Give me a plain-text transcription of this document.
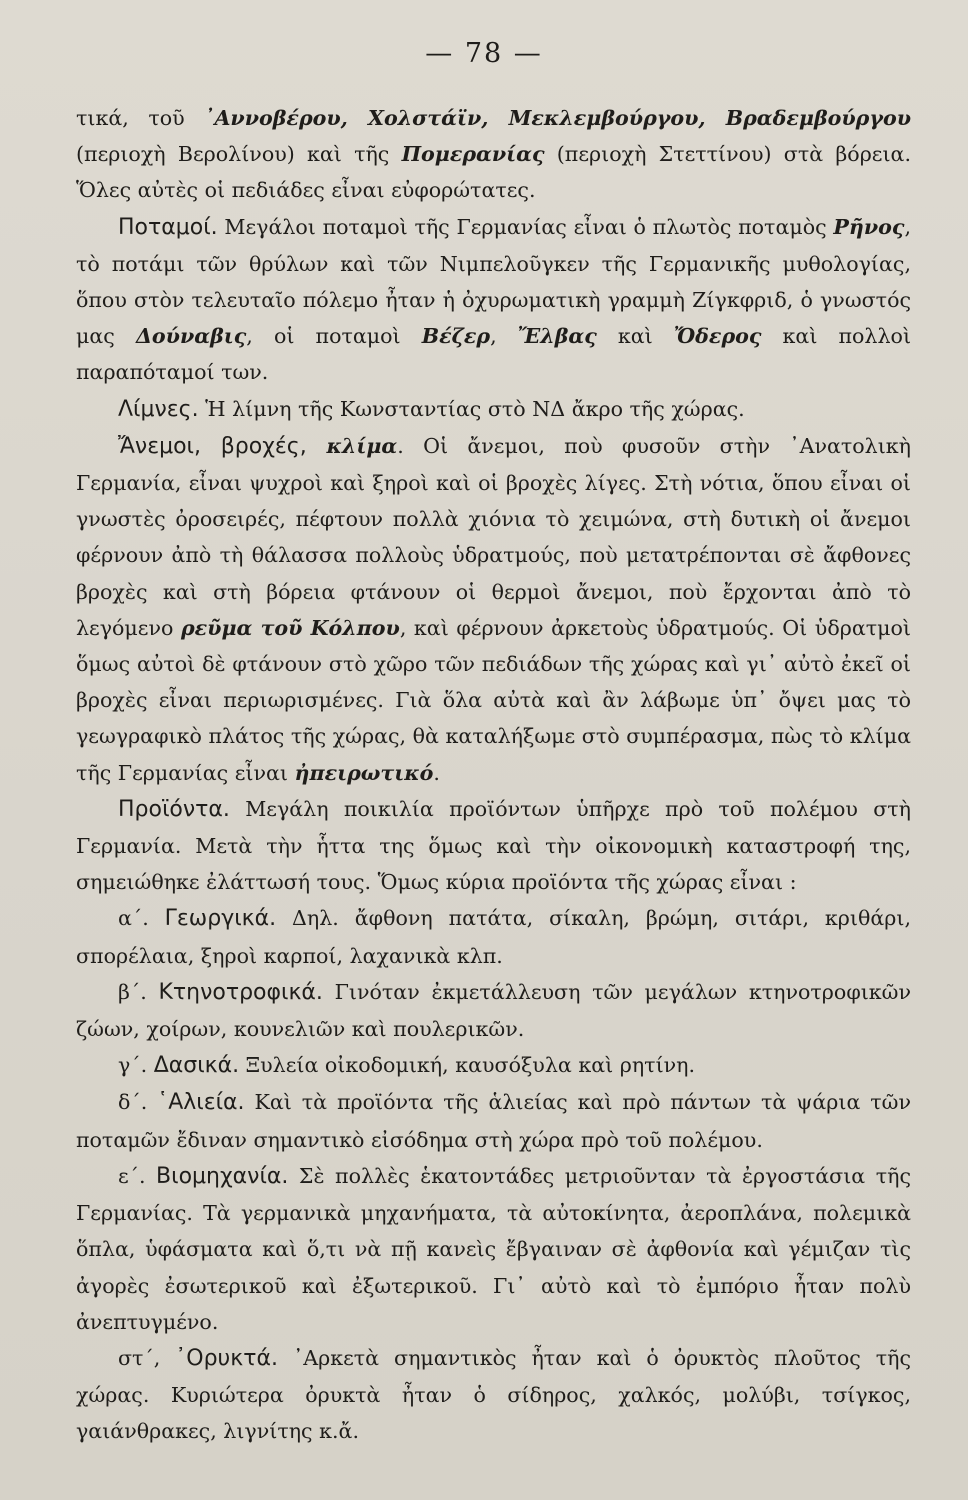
— 78 —

τικά, τοῦ ᾿Αννοβέρου, Χολστάϊν, Μεκλεμβούργου, Βραδεμβούργου (περιοχὴ Βερολίνου) καὶ τῆς Πομερανίας (περιοχὴ Στεττίνου) στὰ βόρεια. Ὅλες αὐτὲς οἱ πεδιάδες εἶναι εὐφορώτατες.

Ποταμοί. Μεγάλοι ποταμοὶ τῆς Γερμανίας εἶναι ὁ πλωτὸς ποταμὸς Ρῆνος, τὸ ποτάμι τῶν θρύλων καὶ τῶν Νιμπελοῦγκεν τῆς Γερμανικῆς μυθολογίας, ὅπου στὸν τελευταῖο πόλεμο ἦταν ἡ ὀχυρωματικὴ γραμμὴ Ζίγκφριδ, ὁ γνωστός μας Δούναβις, οἱ ποταμοὶ Βέζερ, Ἔλβας καὶ Ὄδερος καὶ πολλοὶ παραπόταμοί των.

Λίμνες. Ἡ λίμνη τῆς Κωνσταντίας στὸ ΝΔ ἄκρο τῆς χώρας.

Ἄνεμοι, βροχές, κλίμα. Οἱ ἄνεμοι, ποὺ φυσοῦν στὴν ᾿Ανατολικὴ Γερμανία, εἶναι ψυχροὶ καὶ ξηροὶ καὶ οἱ βροχὲς λίγες. Στὴ νότια, ὅπου εἶναι οἱ γνωστὲς ὀροσειρές, πέφτουν πολλὰ χιόνια τὸ χειμώνα, στὴ δυτικὴ οἱ ἄνεμοι φέρνουν ἀπὸ τὴ θάλασσα πολλοὺς ὑδρατμούς, ποὺ μετατρέπονται σὲ ἄφθονες βροχὲς καὶ στὴ βόρεια φτάνουν οἱ θερμοὶ ἄνεμοι, ποὺ ἔρχονται ἀπὸ τὸ λεγόμενο ρεῦμα τοῦ Κόλπου, καὶ φέρνουν ἀρκετοὺς ὑδρατμούς. Οἱ ὑδρατμοὶ ὅμως αὐτοὶ δὲ φτάνουν στὸ χῶρο τῶν πεδιάδων τῆς χώρας καὶ γι᾿ αὐτὸ ἐκεῖ οἱ βροχὲς εἶναι περιωρισμένες. Γιὰ ὅλα αὐτὰ καὶ ἂν λάβωμε ὑπ᾿ ὄψει μας τὸ γεωγραφικὸ πλάτος τῆς χώρας, θὰ καταλήξωμε στὸ συμπέρασμα, πὼς τὸ κλίμα τῆς Γερμανίας εἶναι ἠπειρωτικό.

Προϊόντα. Μεγάλη ποικιλία προϊόντων ὑπῆρχε πρὸ τοῦ πολέμου στὴ Γερμανία. Μετὰ τὴν ἧττα της ὅμως καὶ τὴν οἰκονομικὴ καταστροφή της, σημειώθηκε ἐλάττωσή τους. Ὅμως κύρια προϊόντα τῆς χώρας εἶναι :

α΄. Γεωργικά. Δηλ. ἄφθονη πατάτα, σίκαλη, βρώμη, σιτάρι, κριθάρι, σπορέλαια, ξηροὶ καρποί, λαχανικὰ κλπ.

β΄. Κτηνοτροφικά. Γινόταν ἐκμετάλλευση τῶν μεγάλων κτηνοτροφικῶν ζώων, χοίρων, κουνελιῶν καὶ πουλερικῶν.

γ΄. Δασικά. Ξυλεία οἰκοδομική, καυσόξυλα καὶ ρητίνη.

δ΄. ῾Αλιεία. Καὶ τὰ προϊόντα τῆς ἁλιείας καὶ πρὸ πάντων τὰ ψάρια τῶν ποταμῶν ἔδιναν σημαντικὸ εἰσόδημα στὴ χώρα πρὸ τοῦ πολέμου.

ε΄. Βιομηχανία. Σὲ πολλὲς ἑκατοντάδες μετριοῦνταν τὰ ἐργοστάσια τῆς Γερμανίας. Τὰ γερμανικὰ μηχανήματα, τὰ αὐτοκίνητα, ἀεροπλάνα, πολεμικὰ ὅπλα, ὑφάσματα καὶ ὅ,τι νὰ πῇ κανεὶς ἔβγαιναν σὲ ἀφθονία καὶ γέμιζαν τὶς ἀγορὲς ἐσωτερικοῦ καὶ ἐξωτερικοῦ. Γι᾿ αὐτὸ καὶ τὸ ἐμπόριο ἦταν πολὺ ἀνεπτυγμένο.

στ΄, ᾿Ορυκτά. ᾿Αρκετὰ σημαντικὸς ἦταν καὶ ὁ ὀρυκτὸς πλοῦτος τῆς χώρας. Κυριώτερα ὀρυκτὰ ἦταν ὁ σίδηρος, χαλκός, μολύβι, τσίγκος, γαιάνθρακες, λιγνίτης κ.ἄ.
